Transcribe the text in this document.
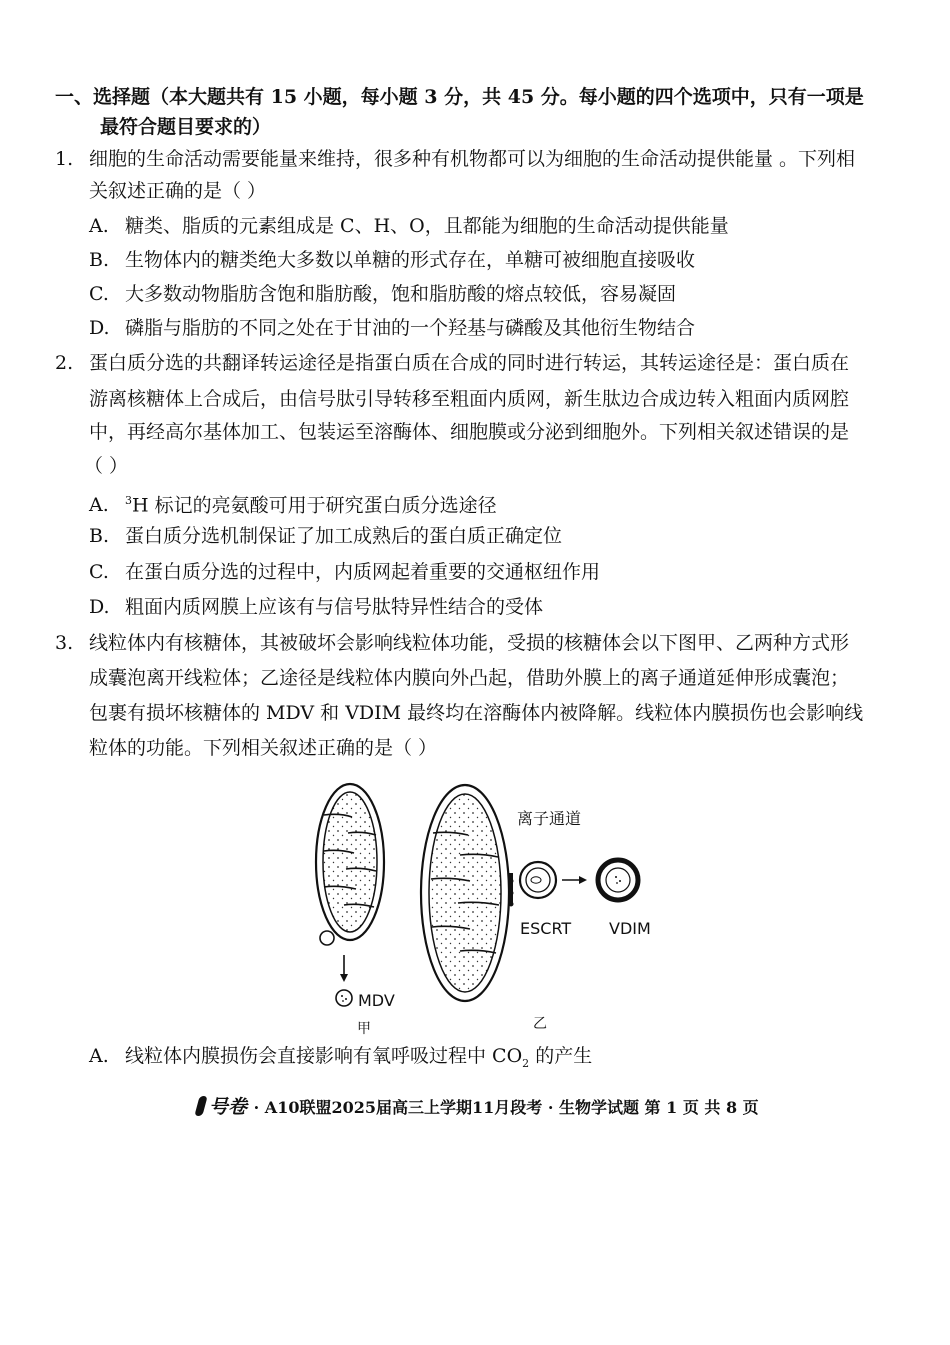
一、选择题（本大题共有 15 小题，每小题 3 分，共 45 分。每小题的四个选项中，只有一项是
最符合题目要求的）
1. 细胞的生命活动需要能量来维持，很多种有机物都可以为细胞的生命活动提供能量 。下列相
关叙述正确的是（ ）
A. 糖类、脂质的元素组成是 C、H、O，且都能为细胞的生命活动提供能量
B. 生物体内的糖类绝大多数以单糖的形式存在，单糖可被细胞直接吸收
C. 大多数动物脂肪含饱和脂肪酸，饱和脂肪酸的熔点较低，容易凝固
D. 磷脂与脂肪的不同之处在于甘油的一个羟基与磷酸及其他衍生物结合
2. 蛋白质分选的共翻译转运途径是指蛋白质在合成的同时进行转运，其转运途径是：蛋白质在
游离核糖体上合成后，由信号肽引导转移至粗面内质网，新生肽边合成边转入粗面内质网腔
中，再经高尔基体加工、包装运至溶酶体、细胞膜或分泌到细胞外。下列相关叙述错误的是
（ ）
A. $^3$H 标记的亮氨酸可用于研究蛋白质分选途径
B. 蛋白质分选机制保证了加工成熟后的蛋白质正确定位
C. 在蛋白质分选的过程中，内质网起着重要的交通枢纽作用
D. 粗面内质网膜上应该有与信号肽特异性结合的受体
3. 线粒体内有核糖体，其被破坏会影响线粒体功能，受损的核糖体会以下图甲、乙两种方式形
成囊泡离开线粒体；乙途径是线粒体内膜向外凸起，借助外膜上的离子通道延伸形成囊泡；
包裹有损坏核糖体的 MDV 和 VDIM 最终均在溶酶体内被降解。线粒体内膜损伤也会影响线
粒体的功能。下列相关叙述正确的是（ ）
离子通道
ESCRT VDIM
MDV
甲	乙
A. 线粒体内膜损伤会直接影响有氧呼吸过程中 $CO_2$ 的产生
号卷 · A10联盟2025届高三上学期11月段考 · 生物学试题 第 1 页 共 8 页
